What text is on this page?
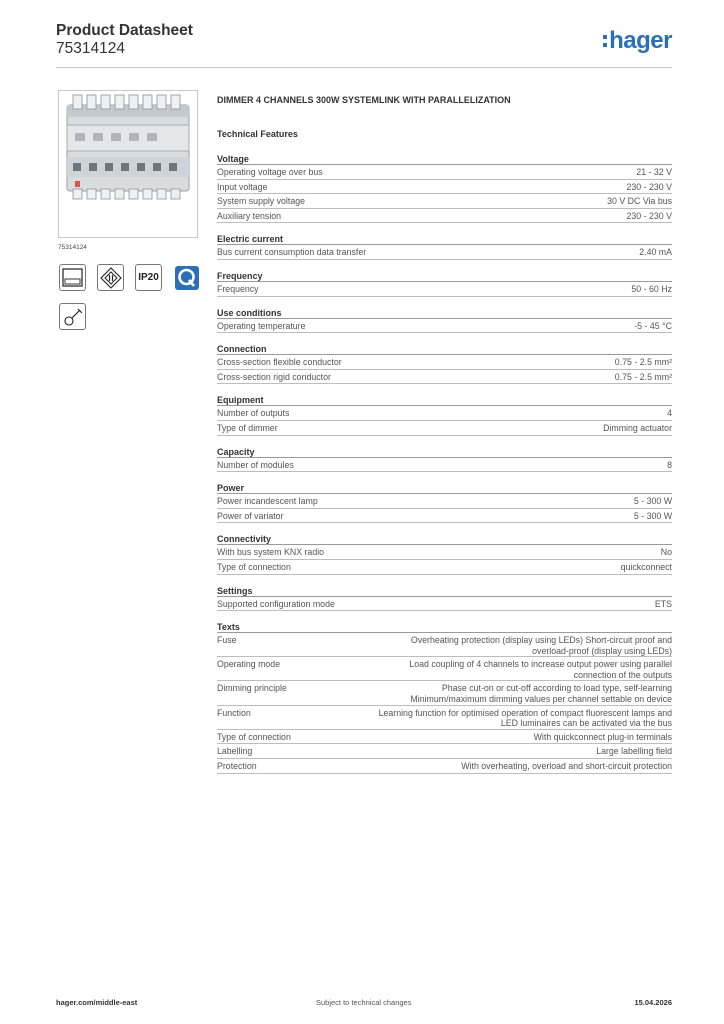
Product Datasheet
75314124	hager
75314124
IP20
DIMMER 4 CHANNELS 300W SYSTEMLINK WITH PARALLELIZATION
Technical Features
Voltage
Operating voltage over bus	21 - 32 V
Input voltage	230 - 230 V
System supply voltage	30 V DC Via bus
Auxiliary tension	230 - 230 V
Electric current
Bus current consumption data transfer	2.40 mA
Frequency
Frequency	50 - 60 Hz
Use conditions
Operating temperature	-5 - 45 °C
Connection
Cross-section flexible conductor	0.75 - 2.5 mm²
Cross-section rigid conductor	0.75 - 2.5 mm²
Equipment
Number of outputs	4
Type of dimmer	Dimming actuator
Capacity
Number of modules	8
Power
Power incandescent lamp	5 - 300 W
Power of variator	5 - 300 W
Connectivity
With bus system KNX radio	No
Type of connection	quickconnect
Settings
Supported configuration mode	ETS
Texts
Fuse	Overheating protection (display using LEDs) Short-circuit proof and overload-proof (display using LEDs)
Operating mode	Load coupling of 4 channels to increase output power using parallel connection of the outputs
Dimming principle	Phase cut-on or cut-off according to load type, self-learning Minimum/maximum dimming values per channel settable on device
Function	Learning function for optimised operation of compact fluorescent lamps and LED luminaires can be activated via the bus
Type of connection	With quickconnect plug-in terminals
Labelling	Large labelling field
Protection	With overheating, overload and short-circuit protection
hager.com/middle-east	Subject to technical changes	15.04.2026
